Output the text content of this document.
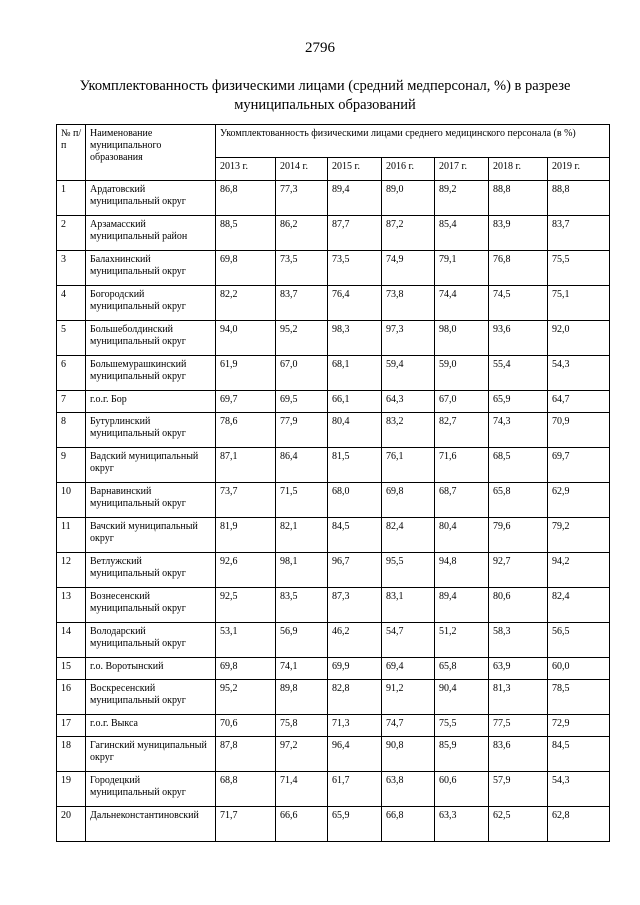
2796
Укомплектованность физическими лицами (средний медперсонал, %) в разрезе муниципальных образований
№ п/п	Наименование муниципального образования	Укомплектованность физическими лицами среднего медицинского персонала (в %)						
		2013 г.	2014 г.	2015 г.	2016 г.	2017 г.	2018 г.	2019 г.
1	Ардатовский муниципальный округ	86,8	77,3	89,4	89,0	89,2	88,8	88,8
2	Арзамасский муниципальный район	88,5	86,2	87,7	87,2	85,4	83,9	83,7
3	Балахнинский муниципальный округ	69,8	73,5	73,5	74,9	79,1	76,8	75,5
4	Богородский муниципальный округ	82,2	83,7	76,4	73,8	74,4	74,5	75,1
5	Большеболдинский муниципальный округ	94,0	95,2	98,3	97,3	98,0	93,6	92,0
6	Большемурашкинский муниципальный округ	61,9	67,0	68,1	59,4	59,0	55,4	54,3
7	г.о.г. Бор	69,7	69,5	66,1	64,3	67,0	65,9	64,7
8	Бутурлинский муниципальный округ	78,6	77,9	80,4	83,2	82,7	74,3	70,9
9	Вадский муниципальный округ	87,1	86,4	81,5	76,1	71,6	68,5	69,7
10	Варнавинский муниципальный округ	73,7	71,5	68,0	69,8	68,7	65,8	62,9
11	Вачский муниципальный округ	81,9	82,1	84,5	82,4	80,4	79,6	79,2
12	Ветлужский муниципальный округ	92,6	98,1	96,7	95,5	94,8	92,7	94,2
13	Вознесенский муниципальный округ	92,5	83,5	87,3	83,1	89,4	80,6	82,4
14	Володарский муниципальный округ	53,1	56,9	46,2	54,7	51,2	58,3	56,5
15	г.о. Воротынский	69,8	74,1	69,9	69,4	65,8	63,9	60,0
16	Воскресенский муниципальный округ	95,2	89,8	82,8	91,2	90,4	81,3	78,5
17	г.о.г. Выкса	70,6	75,8	71,3	74,7	75,5	77,5	72,9
18	Гагинский муниципальный округ	87,8	97,2	96,4	90,8	85,9	83,6	84,5
19	Городецкий муниципальный округ	68,8	71,4	61,7	63,8	60,6	57,9	54,3
20	Дальнеконстантиновский	71,7	66,6	65,9	66,8	63,3	62,5	62,8
